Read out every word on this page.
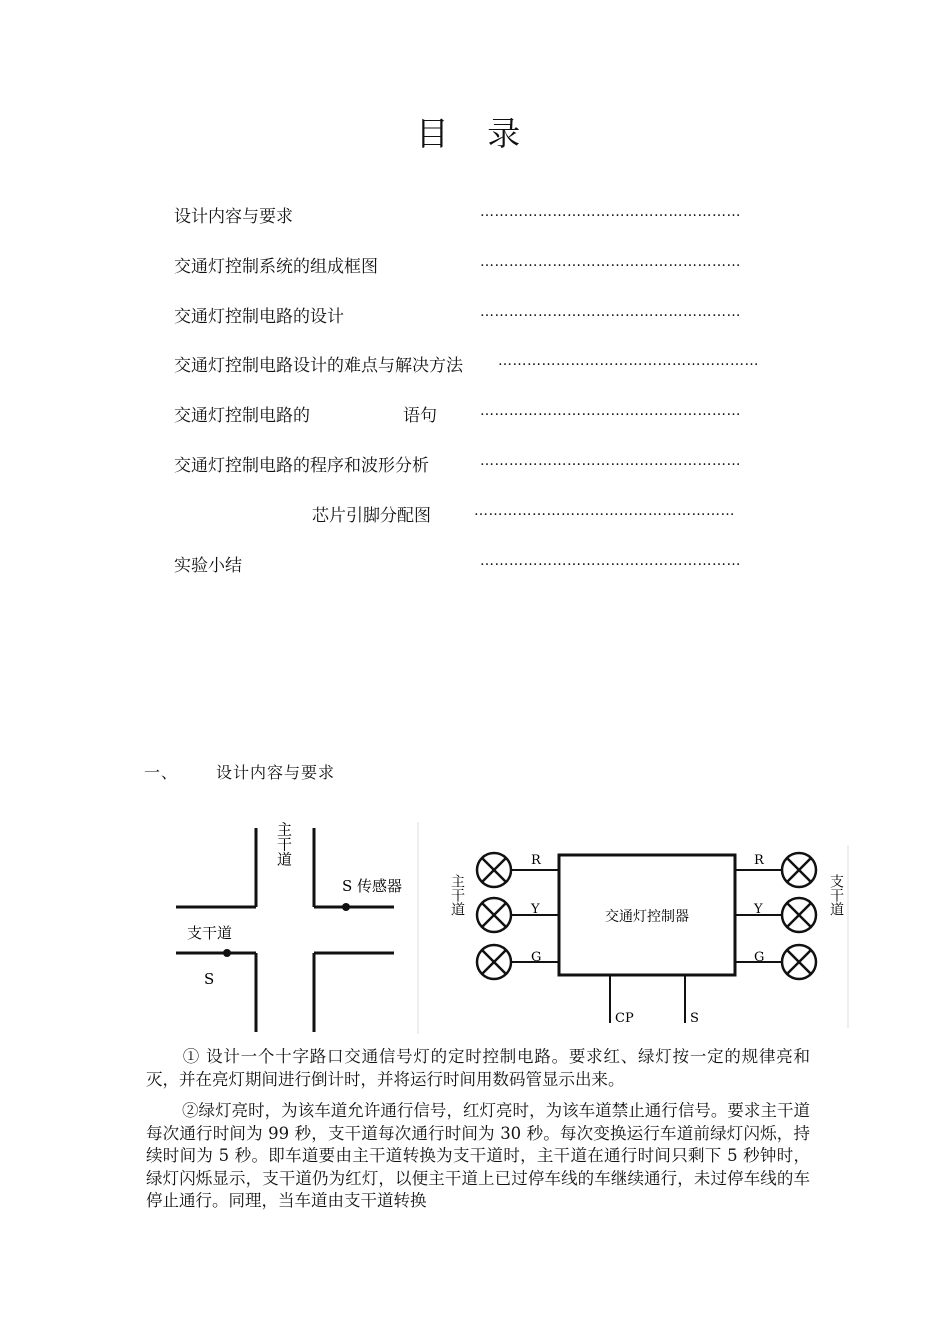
目 录
设计内容与要求	………………………………………………
交通灯控制系统的组成框图	………………………………………………
交通灯控制电路的设计	………………………………………………
交通灯控制电路设计的难点与解决方法	………………………………………………
交通灯控制电路的	语句	………………………………………………
交通灯控制电路的程序和波形分析	………………………………………………
芯片引脚分配图	………………………………………………
实验小结	………………………………………………
一、 设计内容与要求
主干道
S 传感器
支干道
S
交通灯控制器
R
Y
G
主干道
R
Y
G
支干道
CP	S
① 设计一个十字路口交通信号灯的定时控制电路。要求红、绿灯按一定的规律亮和灭，并在亮灯期间进行倒计时，并将运行时间用数码管显示出来。
②绿灯亮时，为该车道允许通行信号，红灯亮时，为该车道禁止通行信号。要求主干道每次通行时间为 99 秒，支干道每次通行时间为 30 秒。每次变换运行车道前绿灯闪烁，持续时间为 5 秒。即车道要由主干道转换为支干道时，主干道在通行时间只剩下 5 秒钟时，绿灯闪烁显示，支干道仍为红灯，以便主干道上已过停车线的车继续通行，未过停车线的车停止通行。同理，当车道由支干道转换
